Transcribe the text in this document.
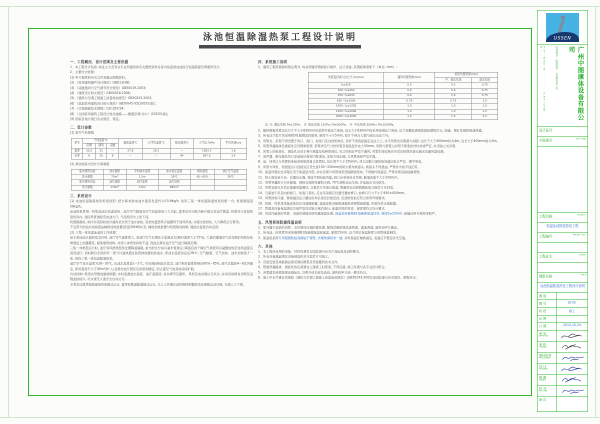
泳池恒温除湿热泵工程设计说明
一、工程概况、设计范围及主要依据
1、本工程设计包括: 按业主方及有关专业所提供的有关图纸资料对室内恒温游泳池进行恒温除湿空调通风设计。
2、主要设计依据:
(1) 甲方提供的有关文件及确认图纸资料。
(2) 《民用建筑隔声设计规范》GBJ118-88;
(3) 《采暖通风与空气调节设计规范》GB50019-2003;
(4) 《建筑设计防火规范》GB50016-2006;
(5) 《通风与空调工程施工质量验收规范》GB50243-2002;
(6) 《高层民用建筑设计防火规范》GB50045-95(2005年版);
(7) 《水泵隔振技术规程》CECS59:94;
(8) 《全国民用建筑工程设计技术措施——暖通空调·动力》(2003年版);
(9) 国家及地方现行有关规范、规定。
二、设计参数
(1) 室外气象参数
季节	干球温度℃			湿球温度℃	日平均温度℃	相对湿度%	大气压力hPa	平均风速m/s
	空调	通风	采暖					
夏季	33.5	31	—	27.8	28.1	—	1003.5	1.8
冬季	6	10	8	—	—	44	997.6	1.4
(2) 游泳馆室内设计计算参数
室内使用功能	池水面积	平均池水深度	池水恒定温度	相对湿度	池厅空气温度
设计参数	75m²	1.5m	28℃	60~65%	28℃
室内使用功能	池厅面积	池厅高度	池厅容积		
设计参数	170m²	3.6m	685m³		
三、系统设计
(1) 泳池恒温除湿热泵机组选型: 经计算本游泳池水面蒸发量约为15.6kg/h, 选用三集一体恒温除湿热泵机组一台, 机组除湿量56kg/h。
泳池热泵机组一机集成池水恒温加热、池厅空气除湿及空气恒温加热三大功能, 夏季还可切换为制冷模式对池厅降温, 机组设于首层热泵机房内, 送回风管道接至泳池大厅, 气流组织为上送下回。
机组除湿时, 制冷系统回收的冷凝热优先用于池水加热, 其余热量经风冷凝器用于送风再热, 实现全热回收, 大大降低运行费用。
不足部分的池水加热量由辅助加热装置(容量30kW)补充, 辅助加热装置与机组联动控制, 随池水温度自动启停。
(2) 三集一体恒温泳池的工作原理:
由于游泳池水面的蒸发作用, 池厅空气湿度很大, 若池厅空气长期处于高湿状态(相对湿度大于75%), 大量的潮湿空气会在围护结构及装修面层上结露霉变, 腐蚀建筑结构, 并使人体感觉闷热不适, 因此必须对池厅空气进行除湿处理。
三集一体机组运行时, 池厅回风经机组蒸发器降温除湿, 析出的水分由冷凝水管排走; 降温后的干燥空气再经风冷凝器加热至送风温度后送回池厅, 同时制冷系统的另一部分冷凝热通过钛管换热器加热池水, 使池水温度恒定在28℃, 空气除湿、空气加热、池水加热集于一体, 故称三集一体恒温除湿热泵。
池厅空气设计温度为28~30℃, 比池水温度高1~2℃, 可有效抑制池水蒸发; 池厅相对湿度控制在60%~65%, 换气次数按4~6次/h确定, 新风量按不小于30m³/(h·人)且维持池厅微负压的原则确定, 防止湿空气向其他房间扩散。
自动控制: 机组自带微电脑控制器, 实时监测池水温度、池厅温湿度, 自动调节压缩机、风机及电动阀运行状态, 并具有故障自诊断及远程监控接口, 可实现无人值守全自动运行。
冬季及过渡季按除湿热回收模式运行, 夏季按降温除湿模式运行, 以上工作模式由机组控制器按设定参数自动切换, 无须人工干预。
四、系统施工说明
1、通风工程风管除特别注明外, 均采用镀锌钢板咬口制作、法兰连接, 其钢板厚度如下（单位: mm）:
风管直径或大边长尺寸b(mm)	圆形风管壁厚(mm)	矩形风管壁厚(mm)	
		中、低压系统	高压系统
b≤320	0.5	0.5	0.75
320＜b≤450	0.6	0.6	0.75
450＜b≤630	0.6	0.6	0.75
630＜b≤1000	0.75	0.75	1.0
1000＜b≤1250	1.0	1.0	1.0
1250＜b≤2000	1.0	1.0	1.2
2000＜b≤4000	1.2	1.2	1.2
注: ①. 微压系统 P≤125Pa;　②. 低压系统 125Pa＜P≤500Pa;　③. 中压系统 500Pa＜P≤1500Pa。
2、镀锌钢板风管边长尺寸不大于630mm时采用共板法兰连接, 边长大于630mm时采用角钢法兰连接, 法兰及螺栓规格按国标图集执行, 咬缝、铆钉处刷防锈漆两道。
3、所有法兰垫片均采用8501阻燃密封胶带, 厚度不小于5mm, 垫片不得凸入管内或凸出法兰外。
4、风管支、吊架不得设置于风口、阀门、检查门及自控机构处, 吊杆不得直接固定在法兰上, 水平风管支吊架最大间距: 边长不大于400mm时为4m, 边长大于400mm时为3m。
5、风管穿越墙体及楼板处应设钢制套管, 套管净空尺寸较风管及保温层外皮大50mm, 风管与套管之间用不燃柔性材料封堵严密, 并设独立支吊架。
6、风管上的检查孔、测定孔应设于便于测量及检修的部位, 孔口结构应严密不漏风; 风管系统安装完毕后应按规范进行漏光及漏风量检测。
7、消声器、静压箱及风口安装前应保持内壁清洁, 安装方向正确, 与风管连接严密牢固。
8、送、回风口与风管的连接采用铝箔复合软管时, 其长度不大于150mm, 风口边框与建筑装饰面应贴合严密、横平竖直。
9、风管与风机、机组进出口连接处应设长度150~250mm的防火帆布软接头, 软接头不得扭曲, 严禁作为找平找正用。
10、保温风管的支吊架应设于保温层外部, 并在吊架与风管间垫坚固隔热垫块, 不得破坏保温层, 严禁吊架直接接触管壁。
11、防火阀安装方向、位置应正确, 易熔片朝向迎风面, 阀门应单独设支吊架, 距墙表面不大于200mm。
12、风管穿越防火分区隔墙、楼板处按图设置防火阀, 70℃熔断自动关闭, 并能输出关闭信号。
13、风管安装完毕后应做漏风量测试, 合格后方可进行保温; 隐蔽部位应经隐蔽验收合格后方可封闭。
14、凡暗装于吊顶内的阀门、检查门等处, 应在吊顶相应位置设置检修口, 检修口尺寸不小于450×450mm。
15、风管的咬口缝、铆接缝及法兰翻边处均应涂密封胶密封, 密封胶性能应符合使用环境要求。
16、机组、风机等设备安装时应设减振装置, 落地安装设橡胶减振垫或弹簧减振器, 吊装设吊式减振器。
17、管道及设备保温须在系统严密性试验合格后进行, 保温材料的材质、厚度须符合设计要求。
18、吊顶内暗装的风管、设备均须做好防结露保温处理, 保温采用难燃B1级橡塑保温材料, 厚度δ≥25mm, 接缝处用专用胶带贴严。
五、风管系统防腐保温说明
1、室外露天安装的风管、支吊架均应做防腐处理, 除锈后刷防锈底漆两道、面漆两道, 颜色由甲方确定。
2、所有送、回风管均采用难燃B1级橡塑保温板保温, 厚度25mm, 法兰部位保温厚度与风管保温相同。
3、保温板采用专用阻燃胶粘剂满粘于管壁, 外缠玻璃丝布一道, 并用保温钉辅助固定, 表面应平整密实无空鼓。
六、其他
1、本工程所选用的设备、材料均须符合国家现行有关产品标准及消防要求。
2、所有设备基础须在设备到货核对无误后方可施工。
3、设备安装及减振做法参见国标图集及设备随机技术文件。
4、管道穿越墙体、楼板处的孔洞须在土建施工时预留, 不得后凿, 施工时须与各专业密切配合。
5、各管道系统须按规定做标识, 注明介质名称及流向, 颜色按甲方统一要求执行。
6、施工中未尽事宜均须按《通风与空调工程施工质量验收规范》(GB50243-2002)及国家现行有关规范、规程执行。
USSEN
Tel:020-8·······　Fax:020-8·······	恒温泳池·除湿热泵·水处理设备工程	广州中图康体设备有限公司
设计证号	····
平面索引	KEY PLAN
工程名称	PROJECT
恒温泳池除湿热泵工程
工程编号	PROJECT NO.
工程业主	CLIENT
图纸名称	TITLE
泳池恒温除湿热泵工程设计说明
图 别
图 号	JS-02
阶 段	施工
比 例
日 期	2013-10-24
审 定
APPROVED
审 核
VERIFIED
项目负责
PROJ LEADER
设 计
DESIGNED
制 图
DRAWN
校 对
PROOFED
备 注
